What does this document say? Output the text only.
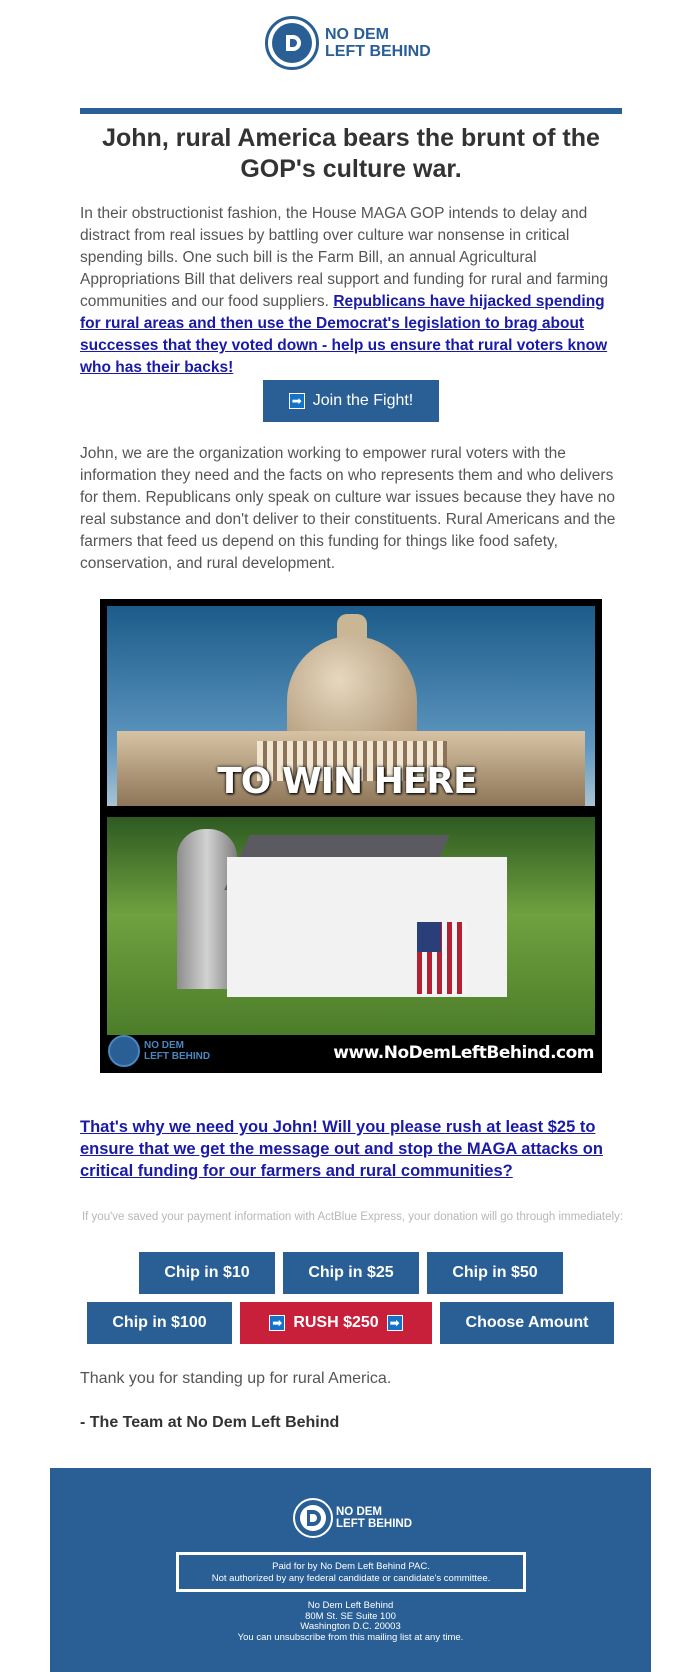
NO DEM
LEFT BEHIND
John, rural America bears the brunt of the GOP's culture war.

In their obstructionist fashion, the House MAGA GOP intends to delay and distract from real issues by battling over culture war nonsense in critical spending bills. One such bill is the Farm Bill, an annual Agricultural Appropriations Bill that delivers real support and funding for rural and farming communities and our food suppliers. Republicans have hijacked spending for rural areas and then use the Democrat's legislation to brag about successes that they voted down - help us ensure that rural voters know who has their backs!

➡ Join the Fight!

John, we are the organization working to empower rural voters with the information they need and the facts on who represents them and who delivers for them. Republicans only speak on culture war issues because they have no real substance and don't deliver to their constituents. Rural Americans and the farmers that feed us depend on this funding for things like food safety, conservation, and rural development.

TO WIN HERE
NO DEM
LEFT BEHIND	www.NoDemLeftBehind.com
That's why we need you John! Will you please rush at least $25 to ensure that we get the message out and stop the MAGA attacks on critical funding for our farmers and rural communities?
If you've saved your payment information with ActBlue Express, your donation will go through immediately:
Chip in $10	Chip in $25	Chip in $50
Chip in $100	➡ RUSH $250 ➡	Choose Amount
Thank you for standing up for rural America.
- The Team at No Dem Left Behind
NO DEM
LEFT BEHIND
Paid for by No Dem Left Behind PAC.
Not authorized by any federal candidate or candidate's committee.
No Dem Left Behind
80M St. SE Suite 100
Washington D.C. 20003
You can unsubscribe from this mailing list at any time.
